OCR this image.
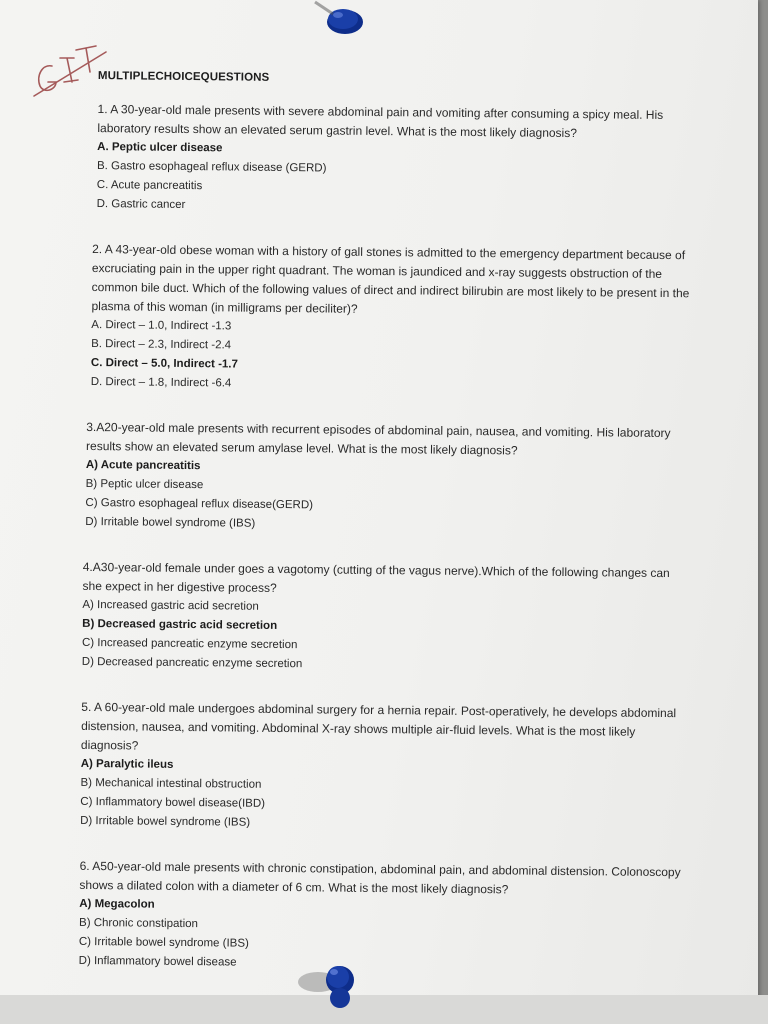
MULTIPLECHOICEQUESTIONS

1. A 30-year-old male presents with severe abdominal pain and vomiting after consuming a spicy meal. His laboratory results show an elevated serum gastrin level. What is the most likely diagnosis?

A. Peptic ulcer disease

B. Gastro esophageal reflux disease (GERD)

C. Acute pancreatitis

D. Gastric cancer

2. A 43-year-old obese woman with a history of gall stones is admitted to the emergency department because of excruciating pain in the upper right quadrant. The woman is jaundiced and x-ray suggests obstruction of the common bile duct. Which of the following values of direct and indirect bilirubin are most likely to be present in the plasma of this woman (in milligrams per deciliter)?

A. Direct – 1.0, Indirect -1.3

B. Direct – 2.3, Indirect -2.4

C. Direct – 5.0, Indirect -1.7

D. Direct – 1.8, Indirect -6.4

3.A20-year-old male presents with recurrent episodes of abdominal pain, nausea, and vomiting. His laboratory results show an elevated serum amylase level. What is the most likely diagnosis?

A) Acute pancreatitis

B) Peptic ulcer disease

C) Gastro esophageal reflux disease(GERD)

D) Irritable bowel syndrome (IBS)

4.A30-year-old female under goes a vagotomy (cutting of the vagus nerve).Which of the following changes can she expect in her digestive process?

A) Increased gastric acid secretion

B) Decreased gastric acid secretion

C) Increased pancreatic enzyme secretion

D) Decreased pancreatic enzyme secretion

5. A 60-year-old male undergoes abdominal surgery for a hernia repair. Post-operatively, he develops abdominal distension, nausea, and vomiting. Abdominal X-ray shows multiple air-fluid levels. What is the most likely diagnosis?

A) Paralytic ileus

B) Mechanical intestinal obstruction

C) Inflammatory bowel disease(IBD)

D) Irritable bowel syndrome (IBS)

6. A50-year-old male presents with chronic constipation, abdominal pain, and abdominal distension. Colonoscopy shows a dilated colon with a diameter of 6 cm. What is the most likely diagnosis?

A) Megacolon

B) Chronic constipation

C) Irritable bowel syndrome (IBS)

D) Inflammatory bowel disease
